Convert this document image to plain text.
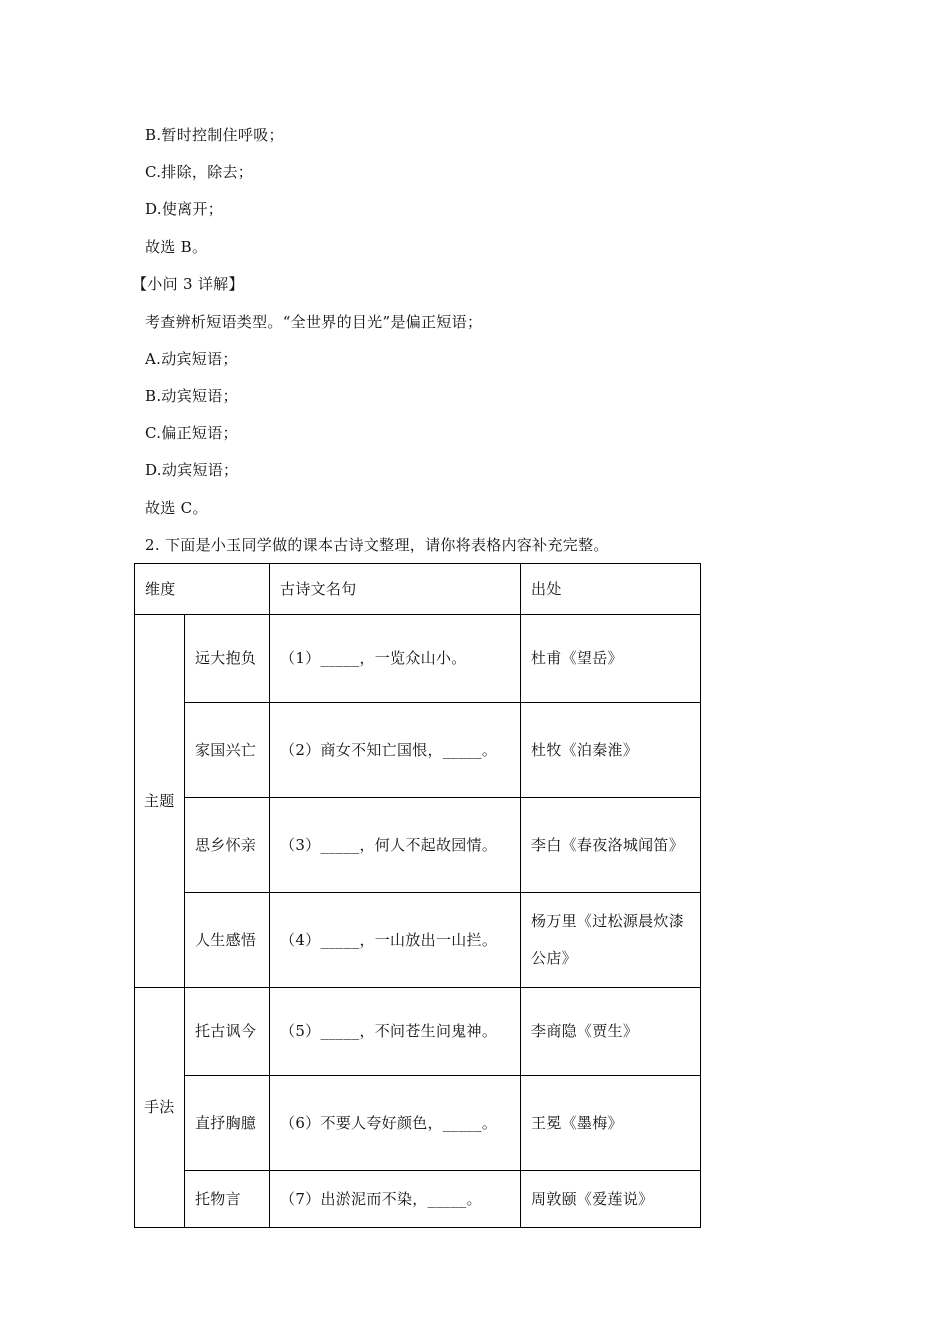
B.暂时控制住呼吸；
C.排除，除去；
D.使离开；
故选 B。
【小问 3 详解】
考查辨析短语类型。“全世界的目光”是偏正短语；
A.动宾短语；
B.动宾短语；
C.偏正短语；
D.动宾短语；
故选 C。
2. 下面是小玉同学做的课本古诗文整理，请你将表格内容补充完整。
维度		古诗文名句	出处
主题	远大抱负	（1）_____，一览众山小。	杜甫《望岳》
	家国兴亡	（2）商女不知亡国恨，_____。	杜牧《泊秦淮》
	思乡怀亲	（3）_____，何人不起故园情。	李白《春夜洛城闻笛》
	人生感悟	（4）_____，一山放出一山拦。	杨万里《过松源晨炊漆公店》
手法	托古讽今	（5）_____，不问苍生问鬼神。	李商隐《贾生》
	直抒胸臆	（6）不要人夸好颜色，_____。	王冕《墨梅》
	托物言	（7）出淤泥而不染，_____。	周敦颐《爱莲说》
